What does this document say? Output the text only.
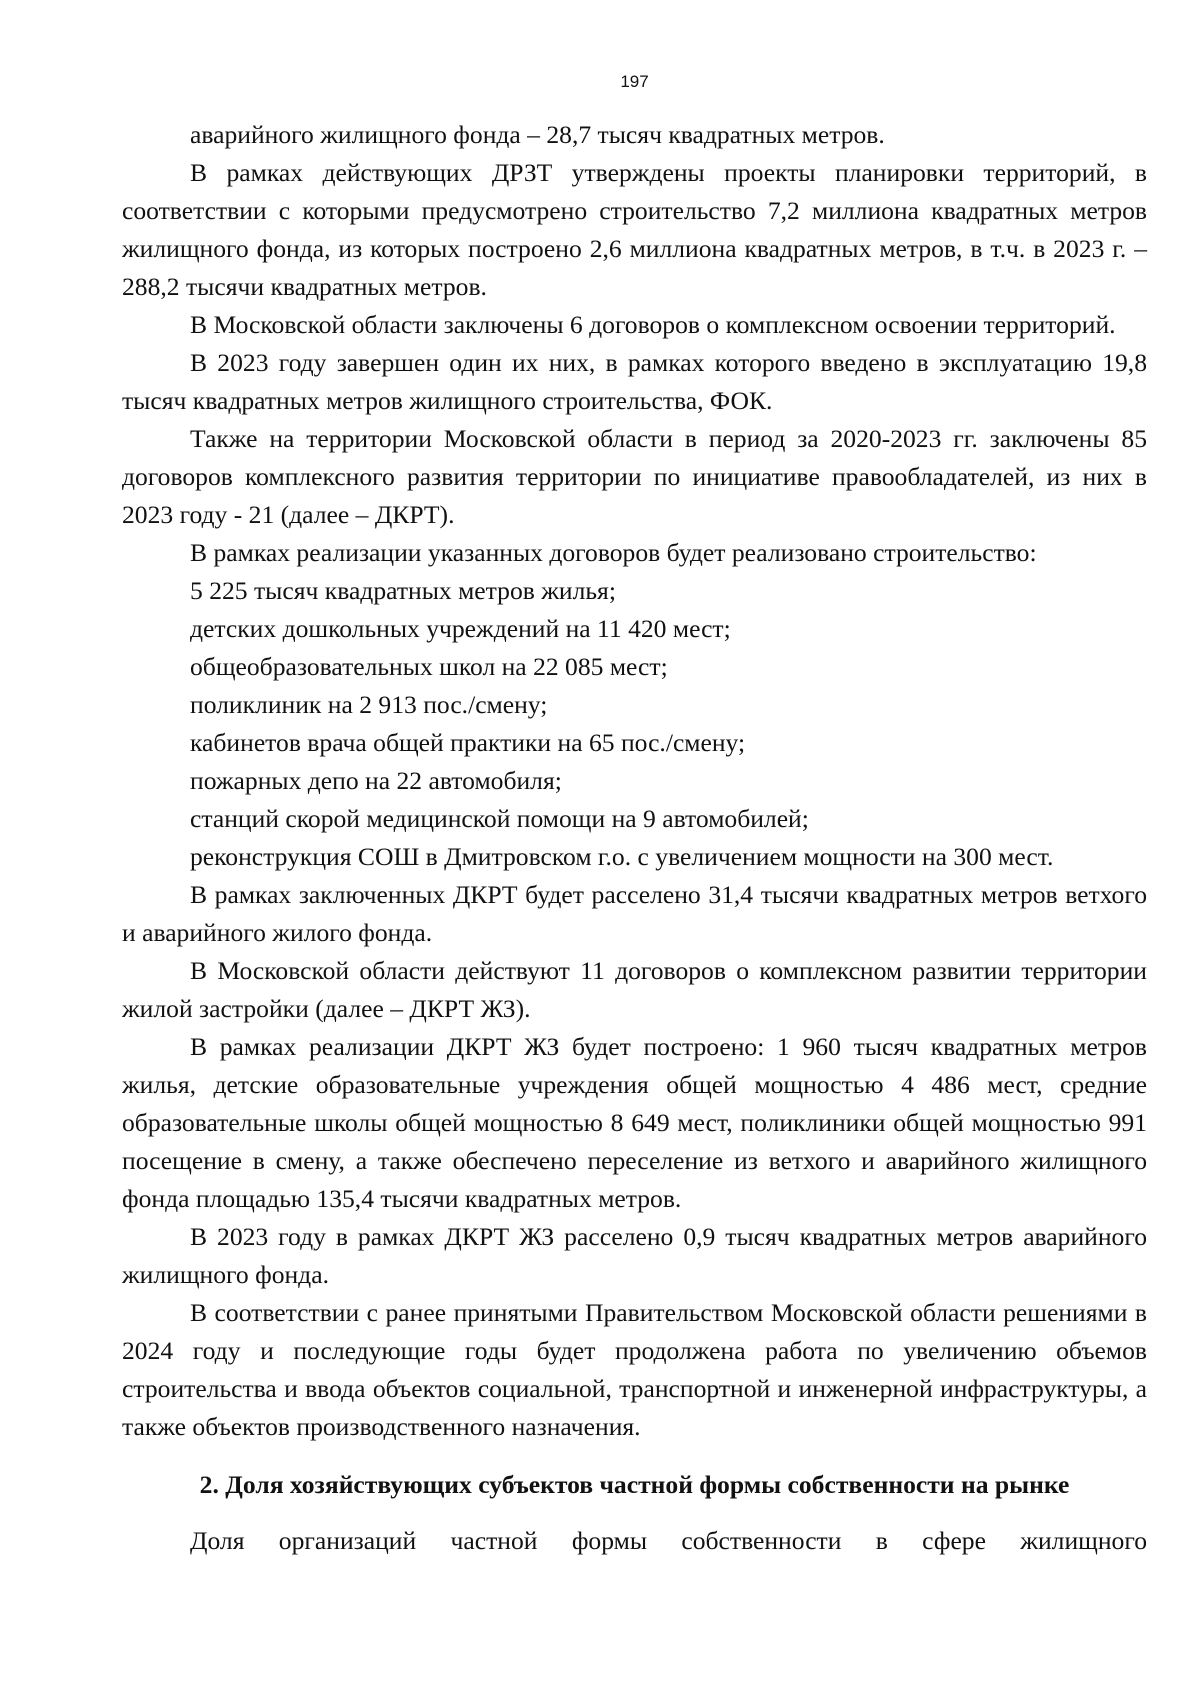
197

аварийного жилищного фонда – 28,7 тысяч квадратных метров.

В рамках действующих ДРЗТ утверждены проекты планировки территорий, в соответствии с которыми предусмотрено строительство 7,2 миллиона квадратных метров жилищного фонда, из которых построено 2,6 миллиона квадратных метров, в т.ч. в 2023 г. – 288,2 тысячи квадратных метров.

В Московской области заключены 6 договоров о комплексном освоении территорий.

В 2023 году завершен один их них, в рамках которого введено в эксплуатацию 19,8 тысяч квадратных метров жилищного строительства, ФОК.

Также на территории Московской области в период за 2020-2023 гг. заключены 85 договоров комплексного развития территории по инициативе правообладателей, из них в 2023 году - 21 (далее – ДКРТ).

В рамках реализации указанных договоров будет реализовано строительство:

5 225 тысяч квадратных метров жилья;

детских дошкольных учреждений на 11 420 мест;

общеобразовательных школ на 22 085 мест;

поликлиник на 2 913 пос./смену;

кабинетов врача общей практики на 65 пос./смену;

пожарных депо на 22 автомобиля;

станций скорой медицинской помощи на 9 автомобилей;

реконструкция СОШ в Дмитровском г.о. с увеличением мощности на 300 мест.

В рамках заключенных ДКРТ будет расселено 31,4 тысячи квадратных метров ветхого и аварийного жилого фонда.

В Московской области действуют 11 договоров о комплексном развитии территории жилой застройки (далее – ДКРТ ЖЗ).

В рамках реализации ДКРТ ЖЗ будет построено: 1 960 тысяч квадратных метров жилья, детские образовательные учреждения общей мощностью 4 486 мест, средние образовательные школы общей мощностью 8 649 мест, поликлиники общей мощностью 991 посещение в смену, а также обеспечено переселение из ветхого и аварийного жилищного фонда площадью 135,4 тысячи квадратных метров.

В 2023 году в рамках ДКРТ ЖЗ расселено 0,9 тысяч квадратных метров аварийного жилищного фонда.

В соответствии с ранее принятыми Правительством Московской области решениями в 2024 году и последующие годы будет продолжена работа по увеличению объемов строительства и ввода объектов социальной, транспортной и инженерной инфраструктуры, а также объектов производственного назначения.

2. Доля хозяйствующих субъектов частной формы собственности на рынке

Доля организаций частной формы собственности в сфере жилищного
